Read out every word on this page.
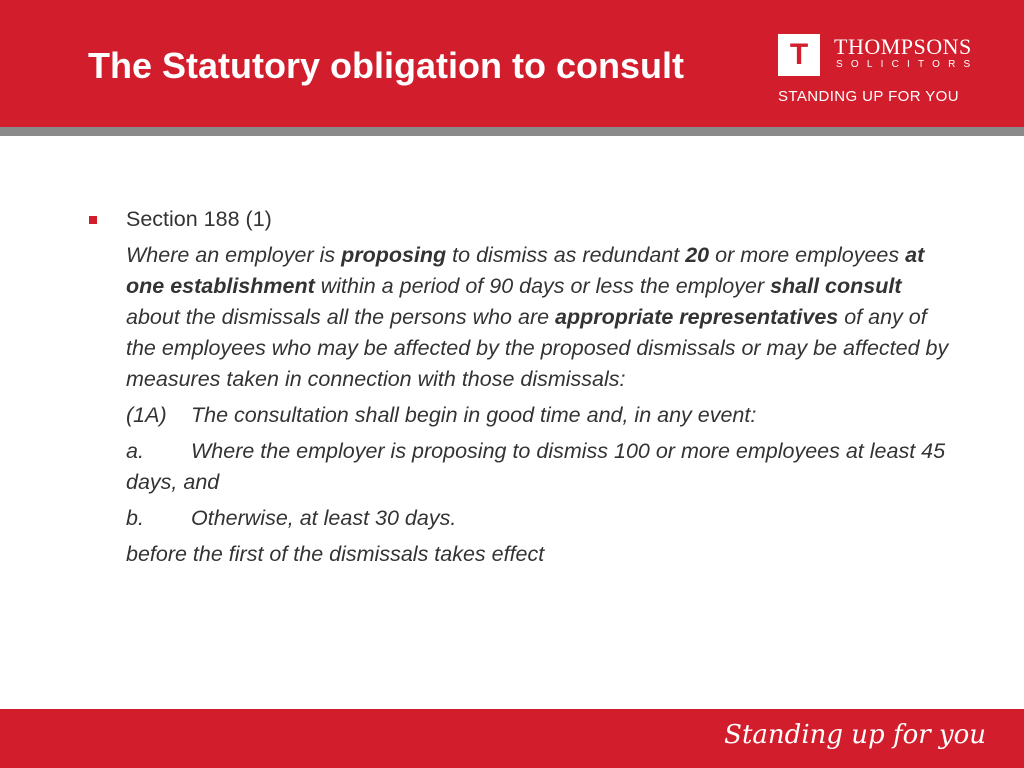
The Statutory obligation to consult	T	THOMPSONS
SOLICITORS
STANDING UP FOR YOU
Section 188 (1)
Where an employer is proposing to dismiss as redundant 20 or more employees at one establishment within a period of 90 days or less the employer shall consult about the dismissals all the persons who are appropriate representatives of any of the employees who may be affected by the proposed dismissals or may be affected by measures taken in connection with those dismissals:
(1A) The consultation shall begin in good time and, in any event:
a. Where the employer is proposing to dismiss 100 or more employees at least 45 days, and
b. Otherwise, at least 30 days.
before the first of the dismissals takes effect
Standing up for you
